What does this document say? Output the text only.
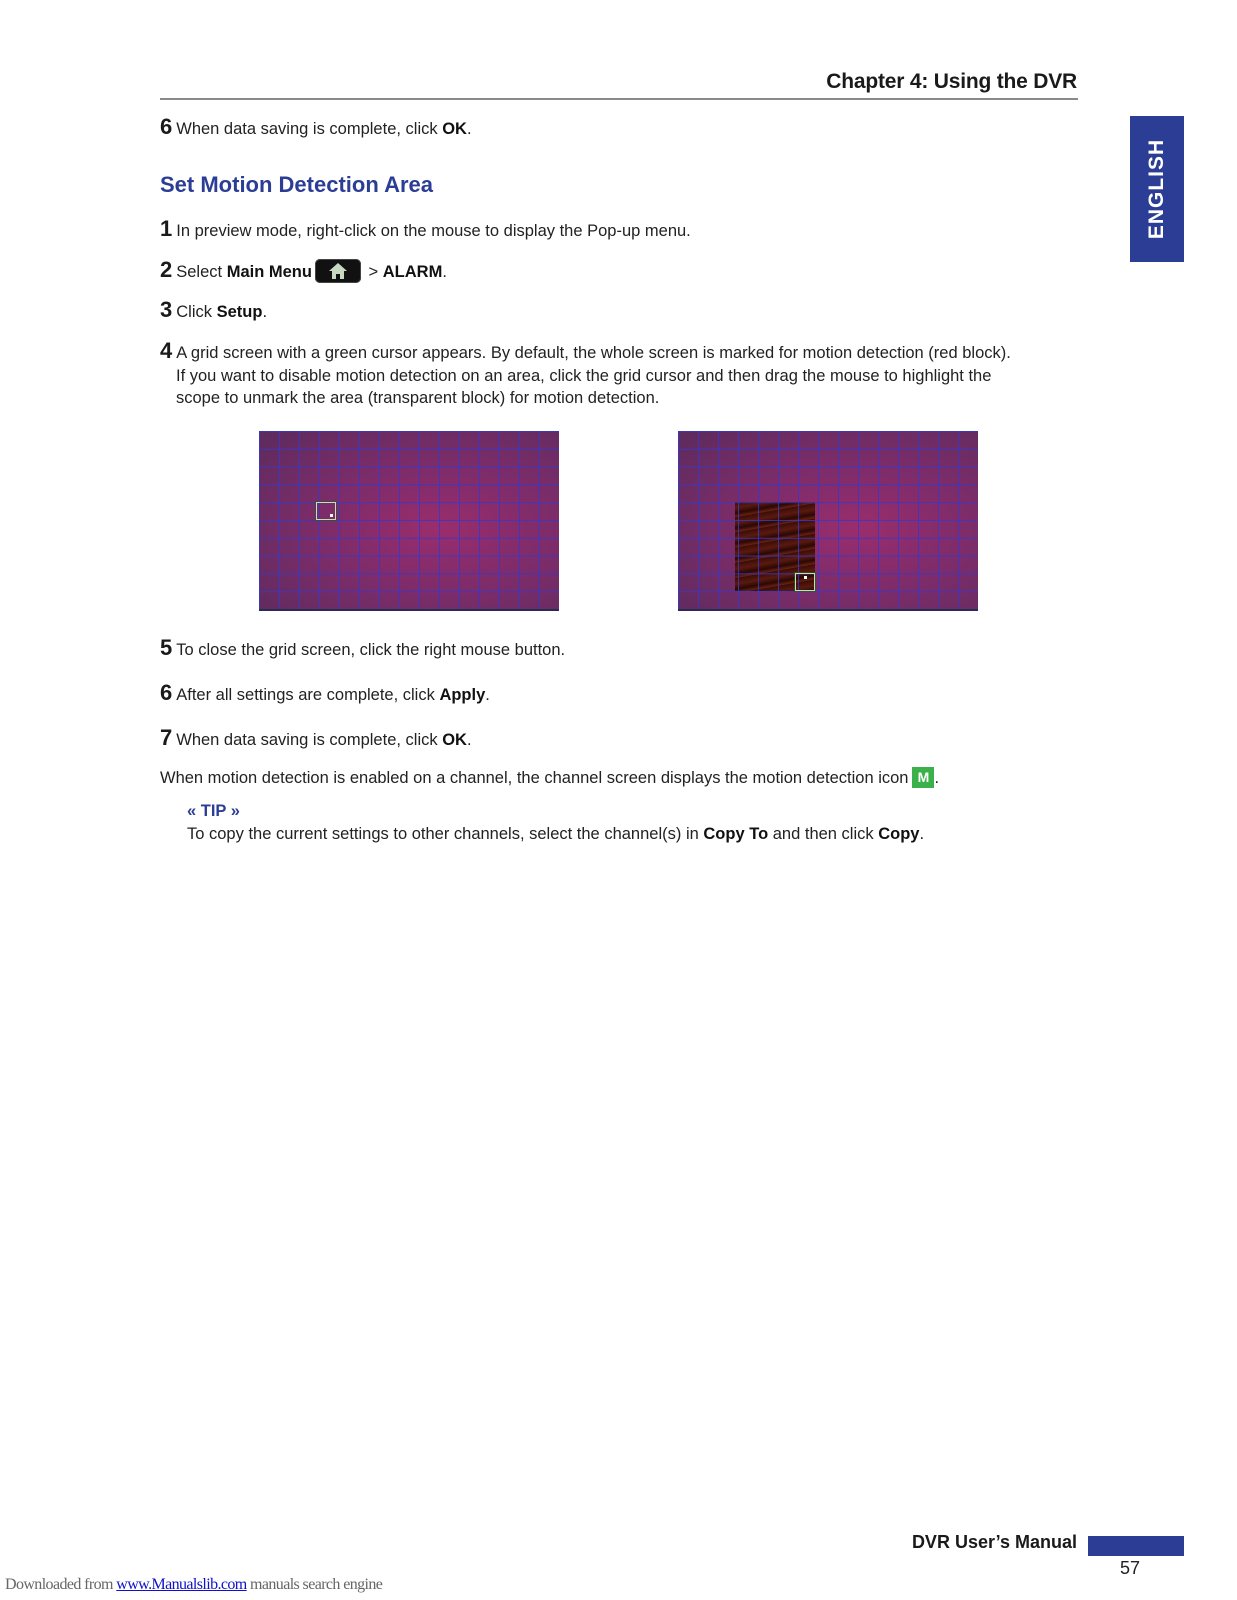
Chapter 4: Using the DVR
ENGLISH
6 When data saving is complete, click OK.
Set Motion Detection Area
1 In preview mode, right-click on the mouse to display the Pop-up menu.
2 Select Main Menu	> ALARM.
3 Click Setup.
4 A grid screen with a green cursor appears. By default, the whole screen is marked for motion detection (red block).
If you want to disable motion detection on an area, click the grid cursor and then drag the mouse to highlight the
scope to unmark the area (transparent block) for motion detection.
5 To close the grid screen, click the right mouse button.
6 After all settings are complete, click Apply.
7 When data saving is complete, click OK.
When motion detection is enabled on a channel, the channel screen displays the motion detection icon M .
« TIP »
To copy the current settings to other channels, select the channel(s) in Copy To and then click Copy.
DVR User’s Manual
57
Downloaded from www.Manualslib.com manuals search engine
